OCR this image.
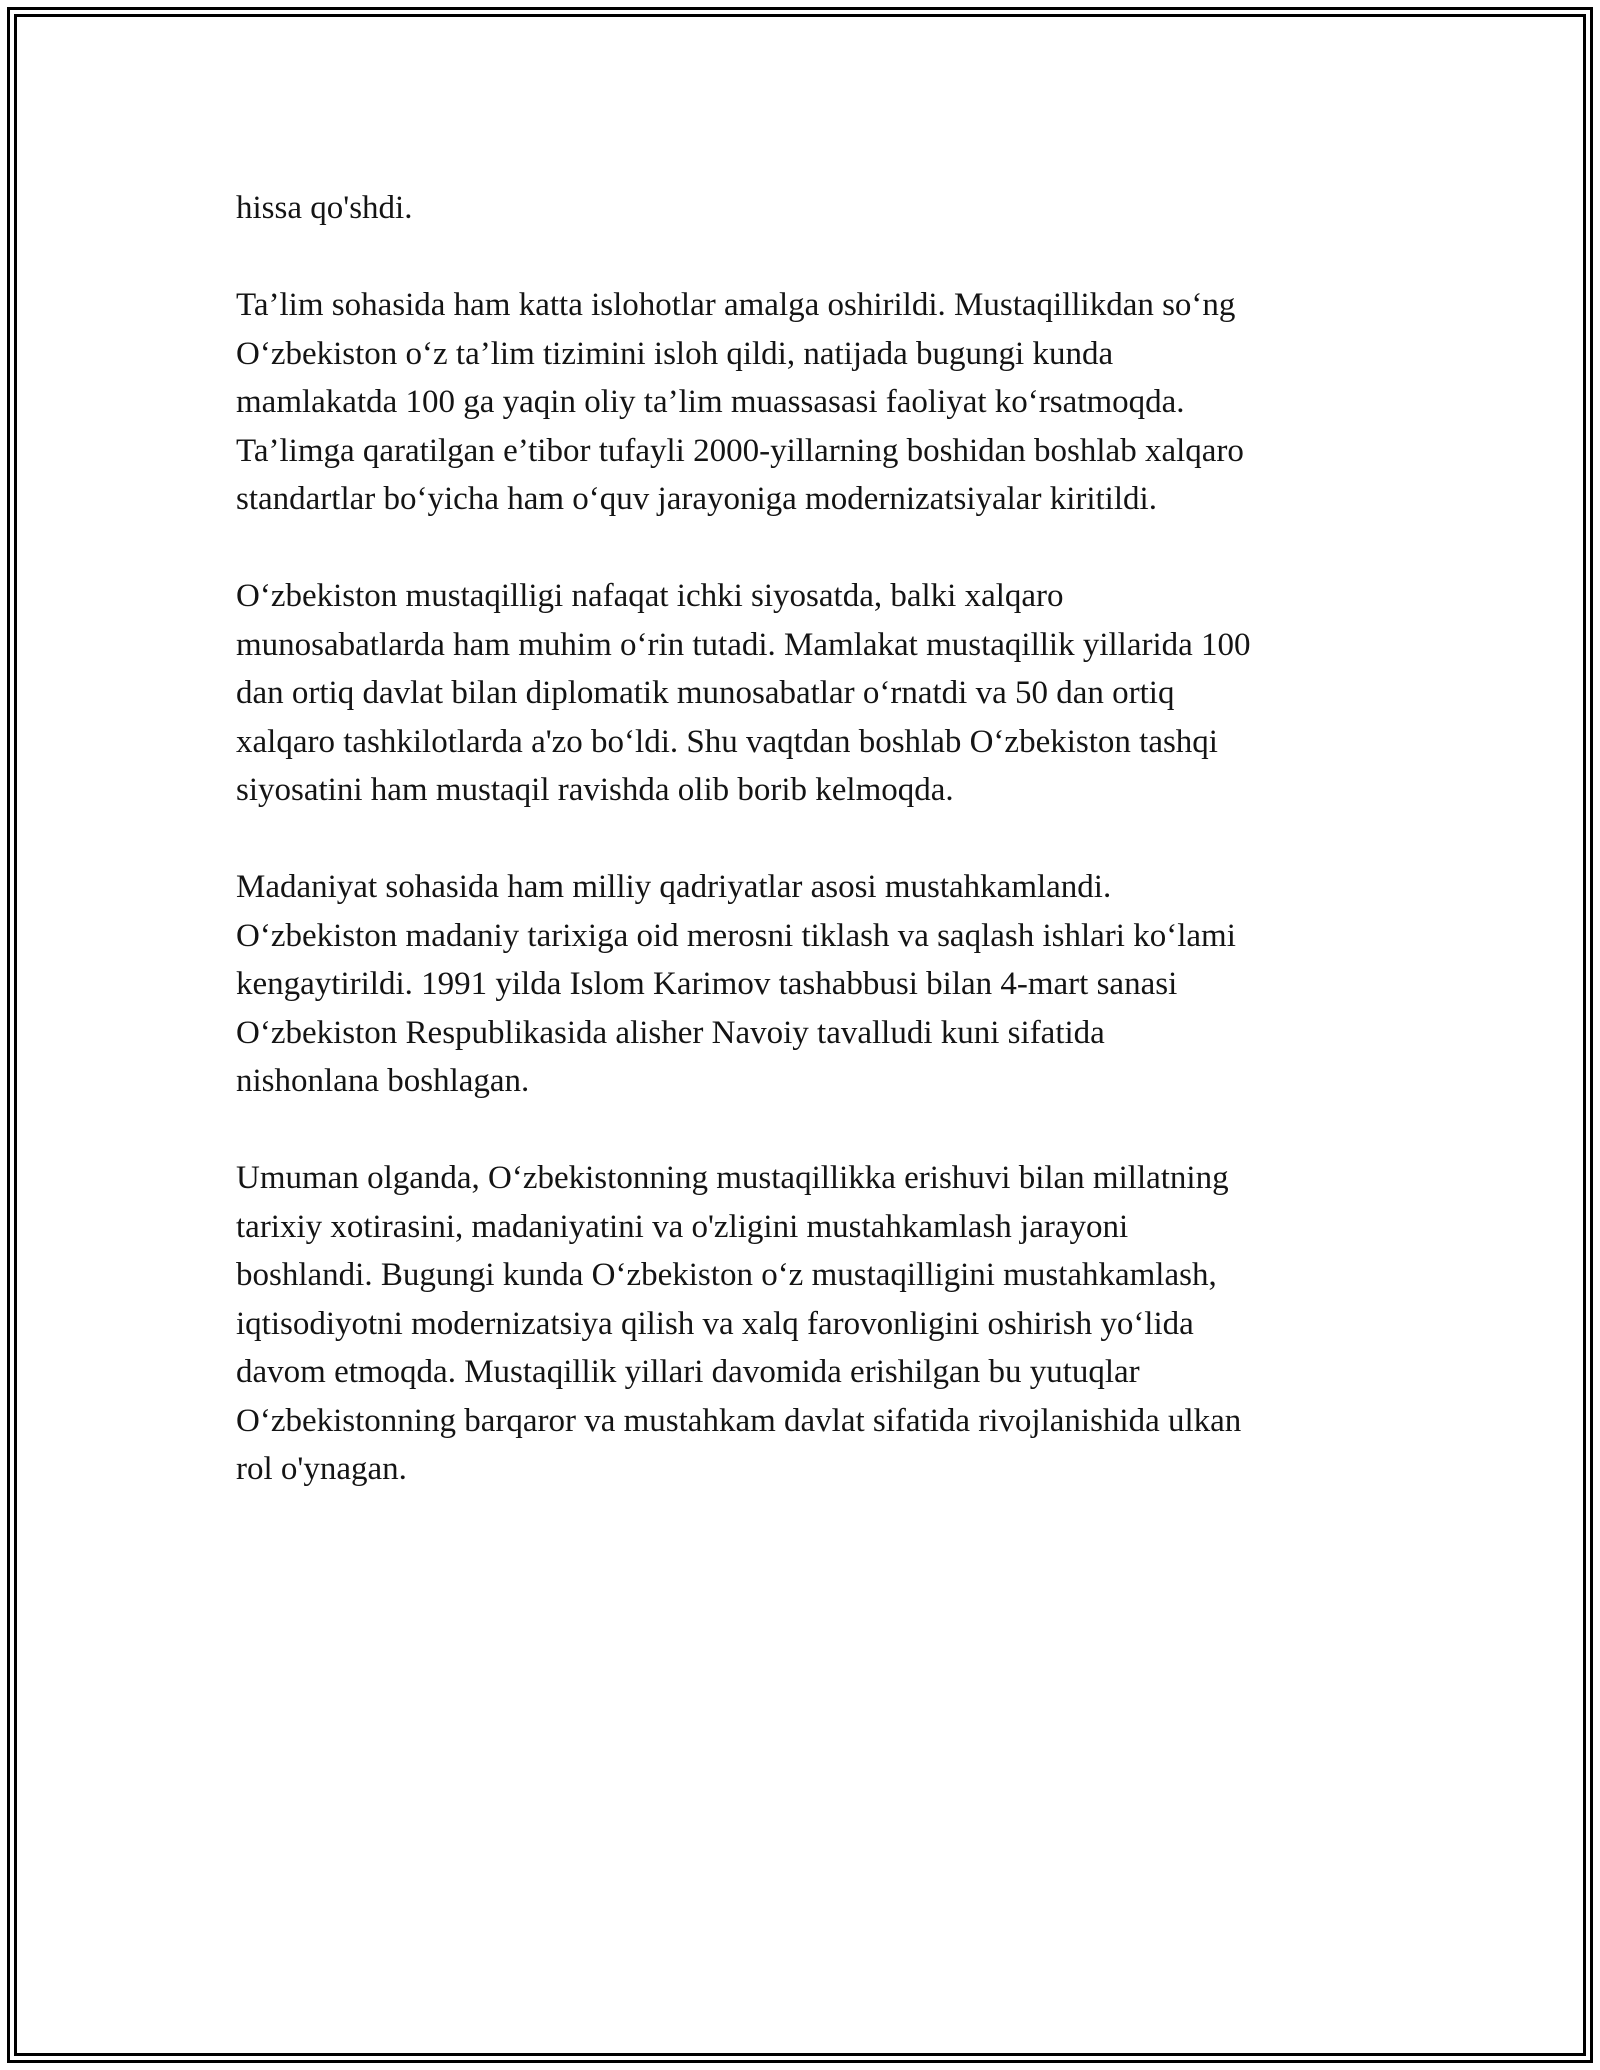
hissa qo'shdi.

Ta’lim sohasida ham katta islohotlar amalga oshirildi. Mustaqillikdan so‘ng
O‘zbekiston o‘z ta’lim tizimini isloh qildi, natijada bugungi kunda
mamlakatda 100 ga yaqin oliy ta’lim muassasasi faoliyat ko‘rsatmoqda.
Ta’limga qaratilgan e’tibor tufayli 2000-yillarning boshidan boshlab xalqaro
standartlar bo‘yicha ham o‘quv jarayoniga modernizatsiyalar kiritildi.

O‘zbekiston mustaqilligi nafaqat ichki siyosatda, balki xalqaro
munosabatlarda ham muhim o‘rin tutadi. Mamlakat mustaqillik yillarida 100
dan ortiq davlat bilan diplomatik munosabatlar o‘rnatdi va 50 dan ortiq
xalqaro tashkilotlarda a'zo bo‘ldi. Shu vaqtdan boshlab O‘zbekiston tashqi
siyosatini ham mustaqil ravishda olib borib kelmoqda.

Madaniyat sohasida ham milliy qadriyatlar asosi mustahkamlandi.
O‘zbekiston madaniy tarixiga oid merosni tiklash va saqlash ishlari ko‘lami
kengaytirildi. 1991 yilda Islom Karimov tashabbusi bilan 4-mart sanasi
O‘zbekiston Respublikasida alisher Navoiy tavalludi kuni sifatida
nishonlana boshlagan.

Umuman olganda, O‘zbekistonning mustaqillikka erishuvi bilan millatning
tarixiy xotirasini, madaniyatini va o'zligini mustahkamlash jarayoni
boshlandi. Bugungi kunda O‘zbekiston o‘z mustaqilligini mustahkamlash,
iqtisodiyotni modernizatsiya qilish va xalq farovonligini oshirish yo‘lida
davom etmoqda. Mustaqillik yillari davomida erishilgan bu yutuqlar
O‘zbekistonning barqaror va mustahkam davlat sifatida rivojlanishida ulkan
rol o'ynagan.
